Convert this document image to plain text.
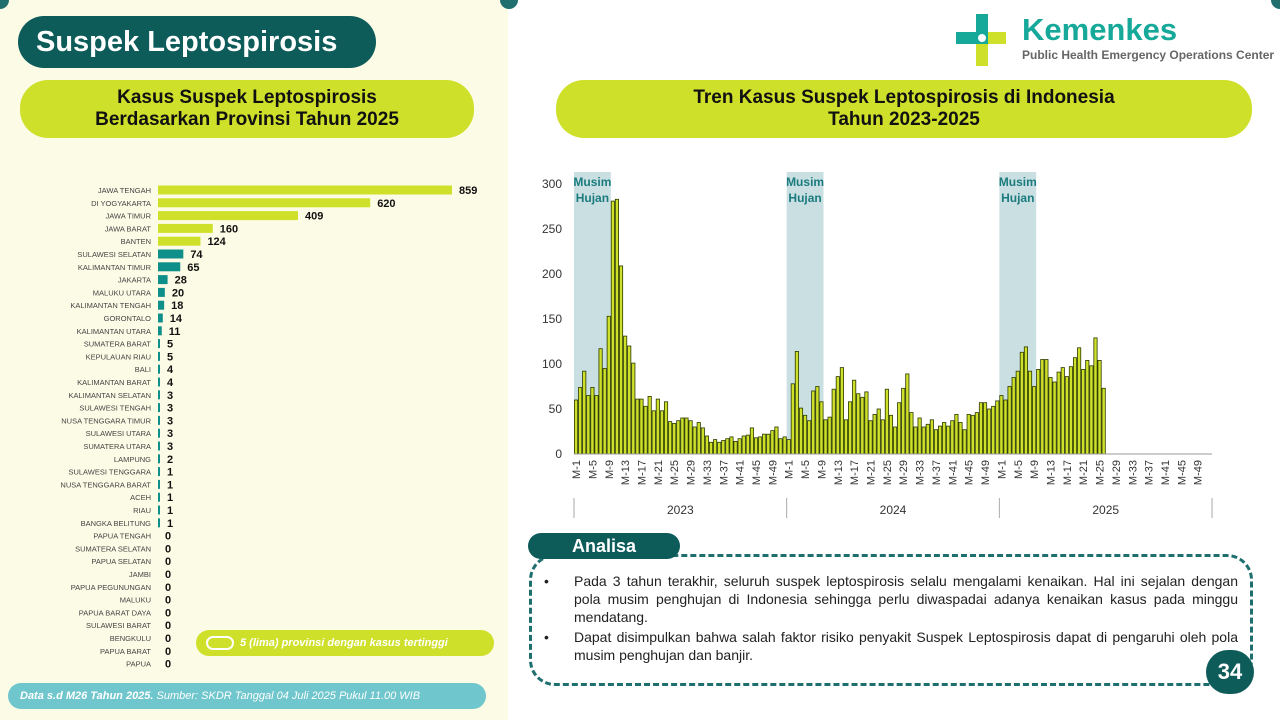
Suspek Leptospirosis	Kemenkes
Public Health Emergency Operations Center
Kasus Suspek Leptospirosis
Berdasarkan Provinsi Tahun 2025
Tren Kasus Suspek Leptospirosis di Indonesia
Tahun 2023-2025
JAWA TENGAH	859
DI YOGYAKARTA	620
JAWA TIMUR	409
JAWA BARAT	160
BANTEN	124
SULAWESI SELATAN	74
KALIMANTAN TIMUR	65
JAKARTA 28
MALUKU UTARA 20
KALIMANTAN TENGAH 18
GORONTALO 14
KALIMANTAN UTARA 11
SUMATERA BARAT 5
KEPULAUAN RIAU 5
BALI 4
KALIMANTAN BARAT 4
KALIMANTAN SELATAN 3
SULAWESI TENGAH 3
NUSA TENGGARA TIMUR 3
SULAWESI UTARA 3
SUMATERA UTARA 3
LAMPUNG 2
SULAWESI TENGGARA 1
NUSA TENGGARA BARAT 1
ACEH 1
RIAU 1
BANGKA BELITUNG 1
PAPUA TENGAH 0
SUMATERA SELATAN 0
PAPUA SELATAN 0
JAMBI 0
PAPUA PEGUNUNGAN 0
MALUKU 0
PAPUA BARAT DAYA 0
SULAWESI BARAT 0
BENGKULU 0
PAPUA BARAT 0
PAPUA 0
5 (lima) provinsi dengan kasus tertinggi
Data s.d M26 Tahun 2025. Sumber: SKDR Tanggal 04 Juli 2025 Pukul 11.00 WIB
Musim
Hujan
Musim
Hujan
Musim
Hujan
0
50
100
150
200
250
300
M-1 M-5 M-9 M-13 M-17 M-21 M-25 M-29 M-33 M-37 M-41 M-45 M-49 M-1 M-5 M-9 M-13 M-17 M-21 M-25 M-29 M-33 M-37 M-41 M-45 M-49 M-1 M-5 M-9 M-13 M-17 M-21 M-25 M-29 M-33 M-37 M-41 M-45 M-49
2023	2024	2025
Analisa
• Pada 3 tahun terakhir, seluruh suspek leptospirosis selalu mengalami kenaikan. Hal ini sejalan dengan pola musim penghujan di Indonesia sehingga perlu diwaspadai adanya kenaikan kasus pada minggu mendatang.
• Dapat disimpulkan bahwa salah faktor risiko penyakit Suspek Leptospirosis dapat di pengaruhi oleh pola musim penghujan dan banjir.
34
